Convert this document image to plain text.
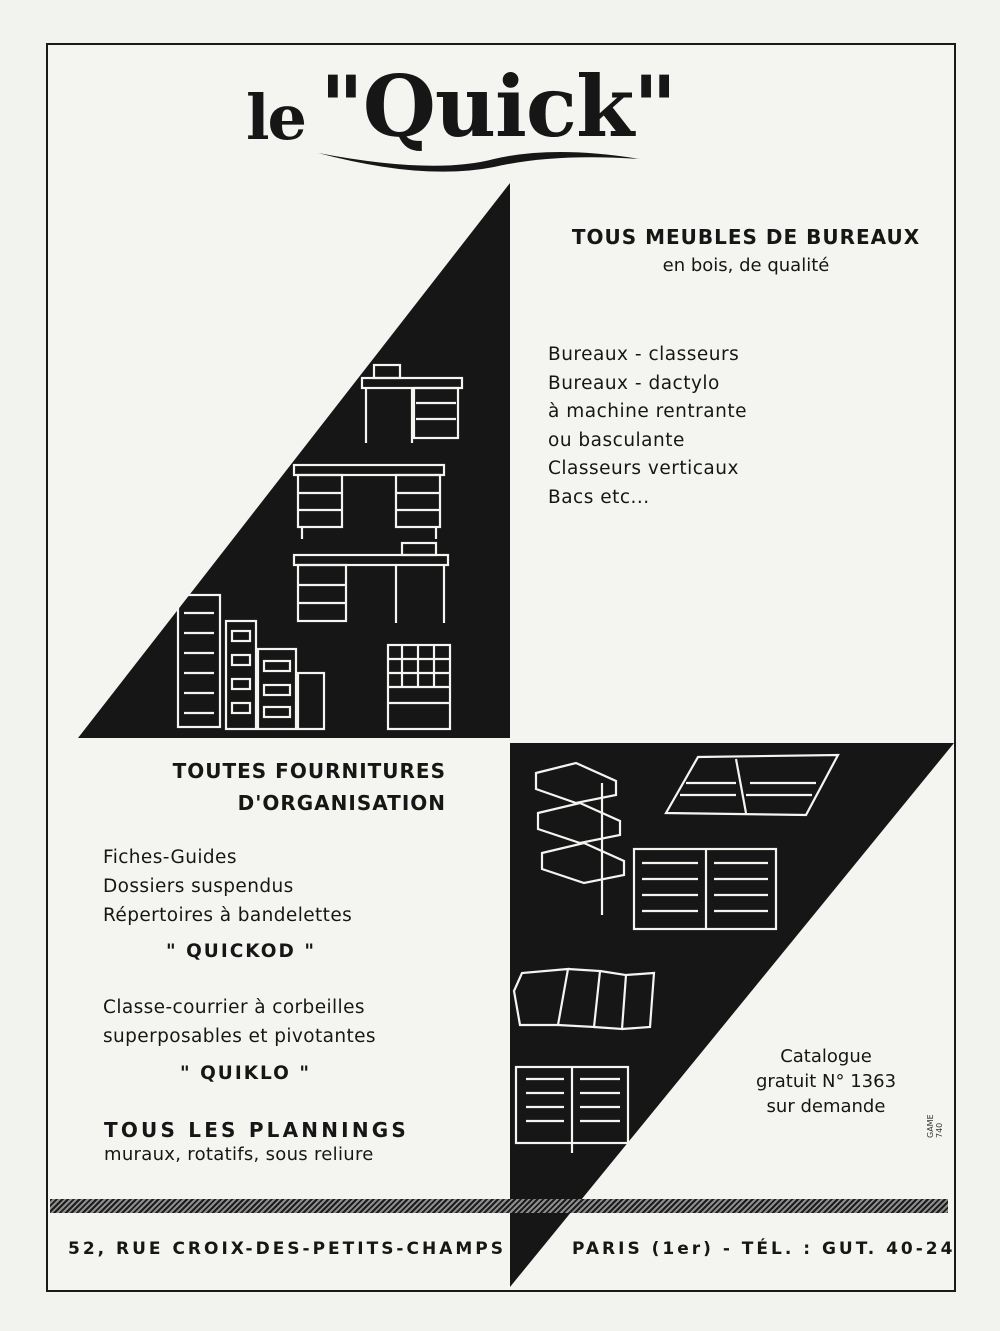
le "Quick"
TOUS MEUBLES DE BUREAUX

en bois, de qualité

Bureaux - classeurs
Bureaux - dactylo
à machine rentrante
ou basculante
Classeurs verticaux
Bacs etc...
TOUTES FOURNITURES
D'ORGANISATION
Fiches-Guides
Dossiers suspendus
Répertoires à bandelettes
" QUICKOD "
Classe-courrier à corbeilles
superposables et pivotantes
" QUIKLO "
TOUS LES PLANNINGS
muraux, rotatifs, sous reliure
Catalogue
gratuit N° 1363
sur demande
GAME 740
52, RUE CROIX-DES-PETITS-CHAMPS	PARIS (1er) - TÉL. : GUT. 40-24
